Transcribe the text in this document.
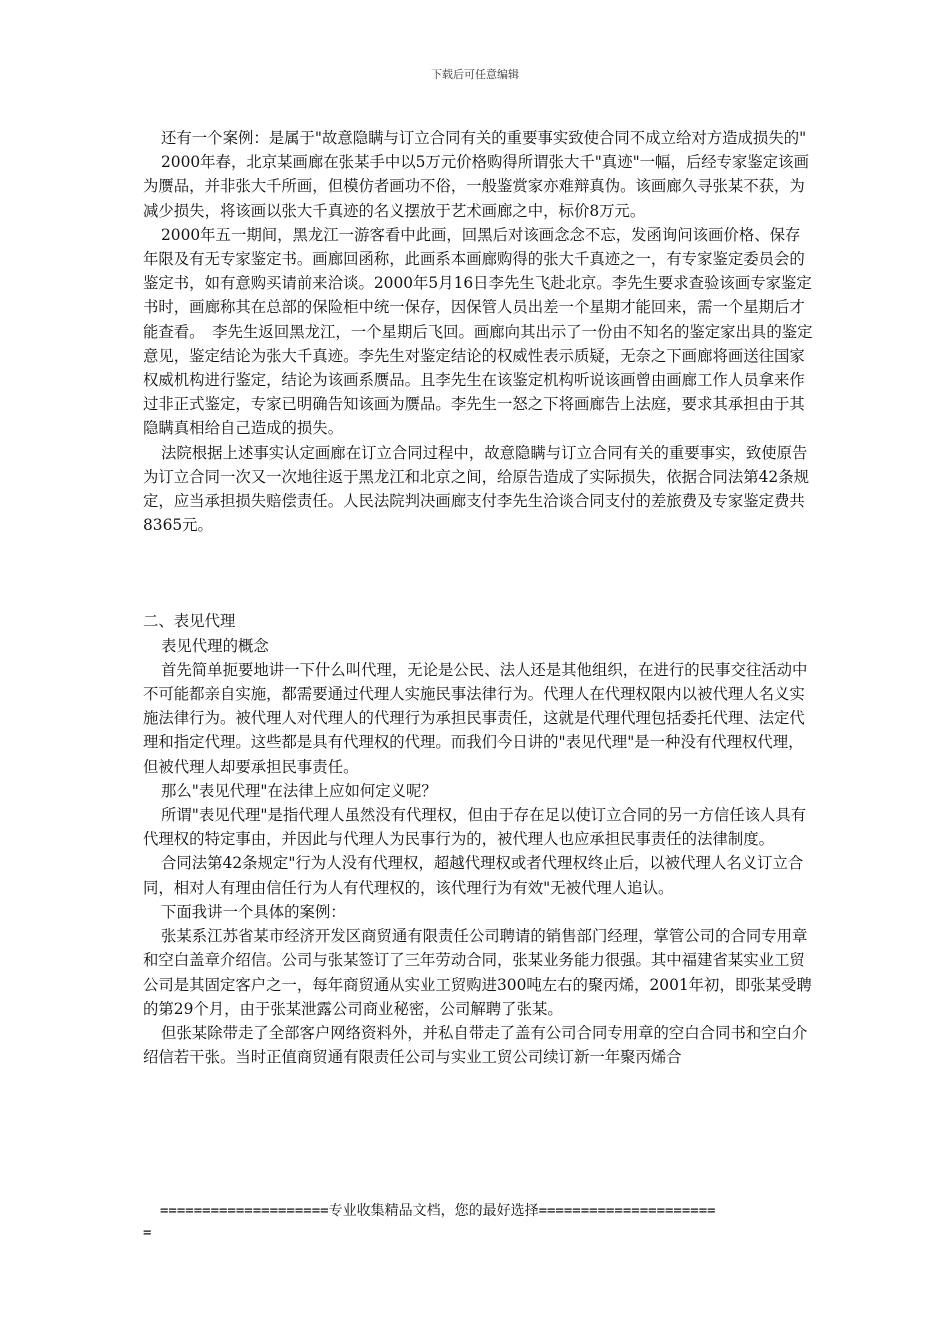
下载后可任意编辑

还有一个案例：是属于"故意隐瞒与订立合同有关的重要事实致使合同不成立给对方造成损失的"

2000年春，北京某画廊在张某手中以5万元价格购得所谓张大千"真迹"一幅，后经专家鉴定该画为赝品，并非张大千所画，但模仿者画功不俗，一般鉴赏家亦难辩真伪。该画廊久寻张某不获，为减少损失，将该画以张大千真迹的名义摆放于艺术画廊之中，标价8万元。

2000年五一期间，黑龙江一游客看中此画，回黑后对该画念念不忘，发函询问该画价格、保存年限及有无专家鉴定书。画廊回函称，此画系本画廊购得的张大千真迹之一，有专家鉴定委员会的鉴定书，如有意购买请前来洽谈。2000年5月16日李先生飞赴北京。李先生要求查验该画专家鉴定书时，画廊称其在总部的保险柜中统一保存，因保管人员出差一个星期才能回来，需一个星期后才能查看。　李先生返回黑龙江，一个星期后飞回。画廊向其出示了一份由不知名的鉴定家出具的鉴定意见，鉴定结论为张大千真迹。李先生对鉴定结论的权威性表示质疑，无奈之下画廊将画送往国家权威机构进行鉴定，结论为该画系赝品。且李先生在该鉴定机构听说该画曾由画廊工作人员拿来作过非正式鉴定，专家已明确告知该画为赝品。李先生一怒之下将画廊告上法庭，要求其承担由于其隐瞒真相给自己造成的损失。

法院根据上述事实认定画廊在订立合同过程中，故意隐瞒与订立合同有关的重要事实，致使原告为订立合同一次又一次地往返于黑龙江和北京之间，给原告造成了实际损失，依据合同法第42条规定，应当承担损失赔偿责任。人民法院判决画廊支付李先生洽谈合同支付的差旅费及专家鉴定费共8365元。

二、表见代理

表见代理的概念

首先简单扼要地讲一下什么叫代理，无论是公民、法人还是其他组织，在进行的民事交往活动中不可能都亲自实施，都需要通过代理人实施民事法律行为。代理人在代理权限内以被代理人名义实施法律行为。被代理人对代理人的代理行为承担民事责任，这就是代理代理包括委托代理、法定代理和指定代理。这些都是具有代理权的代理。而我们今日讲的"表见代理"是一种没有代理权代理，但被代理人却要承担民事责任。

那么"表见代理"在法律上应如何定义呢？

所谓"表见代理"是指代理人虽然没有代理权，但由于存在足以使订立合同的另一方信任该人具有代理权的特定事由，并因此与代理人为民事行为的，被代理人也应承担民事责任的法律制度。

合同法第42条规定"行为人没有代理权，超越代理权或者代理权终止后，以被代理人名义订立合同，相对人有理由信任行为人有代理权的，该代理行为有效"无被代理人追认。

下面我讲一个具体的案例：

张某系江苏省某市经济开发区商贸通有限责任公司聘请的销售部门经理，掌管公司的合同专用章和空白盖章介绍信。公司与张某签订了三年劳动合同，张某业务能力很强。其中福建省某实业工贸公司是其固定客户之一，每年商贸通从实业工贸购进300吨左右的聚丙烯，2001年初，即张某受聘的第29个月，由于张某泄露公司商业秘密，公司解聘了张某。

但张某除带走了全部客户网络资料外，并私自带走了盖有公司合同专用章的空白合同书和空白介绍信若干张。当时正值商贸通有限责任公司与实业工贸公司续订新一年聚丙烯合

====================专业收集精品文档，您的最好选择=====================
=
